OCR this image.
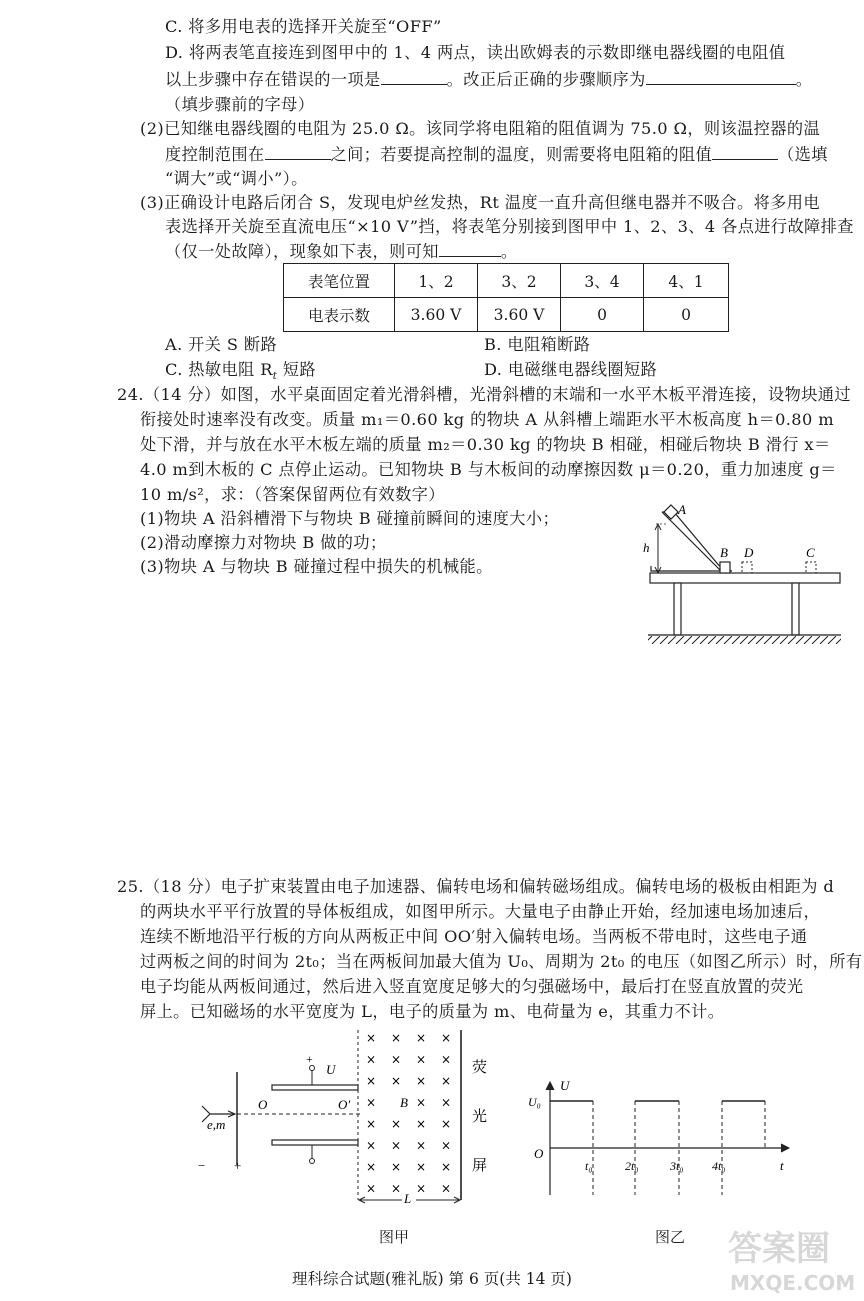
C. 将多用电表的选择开关旋至“OFF”
D. 将两表笔直接连到图甲中的 1、4 两点，读出欧姆表的示数即继电器线圈的电阻值
以上步骤中存在错误的一项是	。改正后正确的步骤顺序为	。
（填步骤前的字母）
(2)已知继电器线圈的电阻为 25.0 Ω。该同学将电阻箱的阻值调为 75.0 Ω，则该温控器的温
度控制范围在	之间；若要提高控制的温度，则需要将电阻箱的阻值	（选填
“调大”或“调小”）。
(3)正确设计电路后闭合 S，发现电炉丝发热，Rt 温度一直升高但继电器并不吸合。将多用电
表选择开关旋至直流电压“×10 V”挡，将表笔分别接到图甲中 1、2、3、4 各点进行故障排查
（仅一处故障），现象如下表，则可知	。
表笔位置	1、2	3、2	3、4	4、1
电表示数	3.60 V	3.60 V	0	0
A. 开关 S 断路	B. 电阻箱断路
C. 热敏电阻 $R_t$ 短路	D. 电磁继电器线圈短路
24.（14 分）如图，水平桌面固定着光滑斜槽，光滑斜槽的末端和一水平木板平滑连接，设物块通过
衔接处时速率没有改变。质量 m₁＝0.60 kg 的物块 A 从斜槽上端距水平木板高度 h＝0.80 m
处下滑，并与放在水平木板左端的质量 m₂＝0.30 kg 的物块 B 相碰，相碰后物块 B 滑行 x＝
4.0 m到木板的 C 点停止运动。已知物块 B 与木板间的动摩擦因数 μ＝0.20，重力加速度 g＝
10 m/s²，求：（答案保留两位有效数字）
(1)物块 A 沿斜槽滑下与物块 B 碰撞前瞬间的速度大小；
(2)滑动摩擦力对物块 B 做的功；
(3)物块 A 与物块 B 碰撞过程中损失的机械能。
A
h	B D	C
25.（18 分）电子扩束装置由电子加速器、偏转电场和偏转磁场组成。偏转电场的极板由相距为 d
的两块水平平行放置的导体板组成，如图甲所示。大量电子由静止开始，经加速电场加速后，
连续不断地沿平行板的方向从两板正中间 OO′射入偏转电场。当两板不带电时，这些电子通
过两板之间的时间为 2t₀；当在两板间加最大值为 U₀、周期为 2t₀ 的电压（如图乙所示）时，所有
电子均能从两板间通过，然后进入竖直宽度足够大的匀强磁场中，最后打在竖直放置的荧光
屏上。已知磁场的水平宽度为 L，电子的质量为 m、电荷量为 e，其重力不计。
e,m
− +
+
U
O	O′
× × × ×
× × × ×
× × × ×
×	× ×
× × × ×
× × × ×
× × × ×
× × × ×
B
L
荧
光
屏
图甲
U
U₀
O
t
t₀	2t₀	3t₀ 4t₀
图乙
理科综合试题(雅礼版) 第 6 页(共 14 页)
答案圈
MXQE.COM
